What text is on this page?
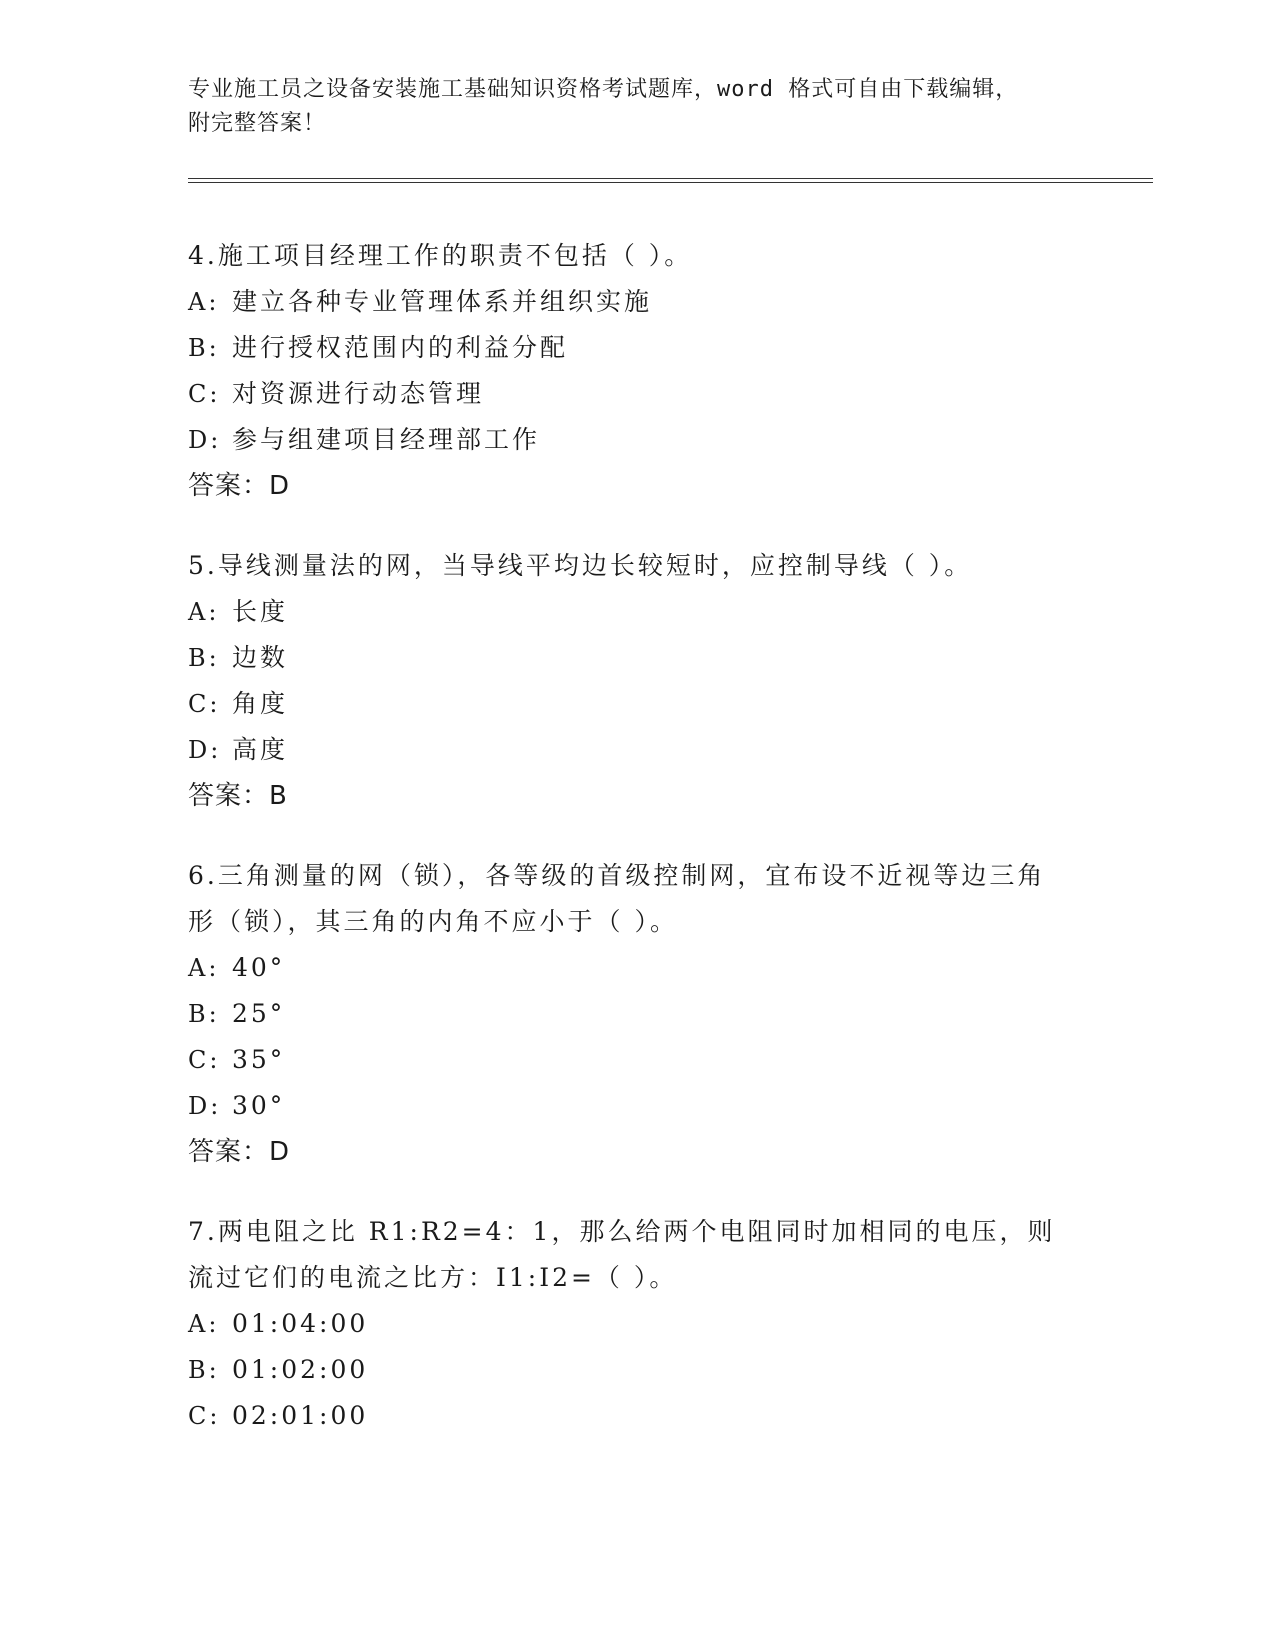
专业施工员之设备安装施工基础知识资格考试题库，word 格式可自由下载编辑，
附完整答案！
4.施工项目经理工作的职责不包括（ ）。
A: 建立各种专业管理体系并组织实施
B: 进行授权范围内的利益分配
C: 对资源进行动态管理
D: 参与组建项目经理部工作
答案：D
5.导线测量法的网，当导线平均边长较短时，应控制导线（ ）。
A: 长度
B: 边数
C: 角度
D: 高度
答案：B
6.三角测量的网（锁），各等级的首级控制网，宜布设不近视等边三角形（锁），其三角的内角不应小于（ ）。
A: 40°
B: 25°
C: 35°
D: 30°
答案：D
7.两电阻之比 R1:R2=4：1，那么给两个电阻同时加相同的电压，则流过它们的电流之比方：I1:I2=（ ）。
A: 01:04:00
B: 01:02:00
C: 02:01:00
